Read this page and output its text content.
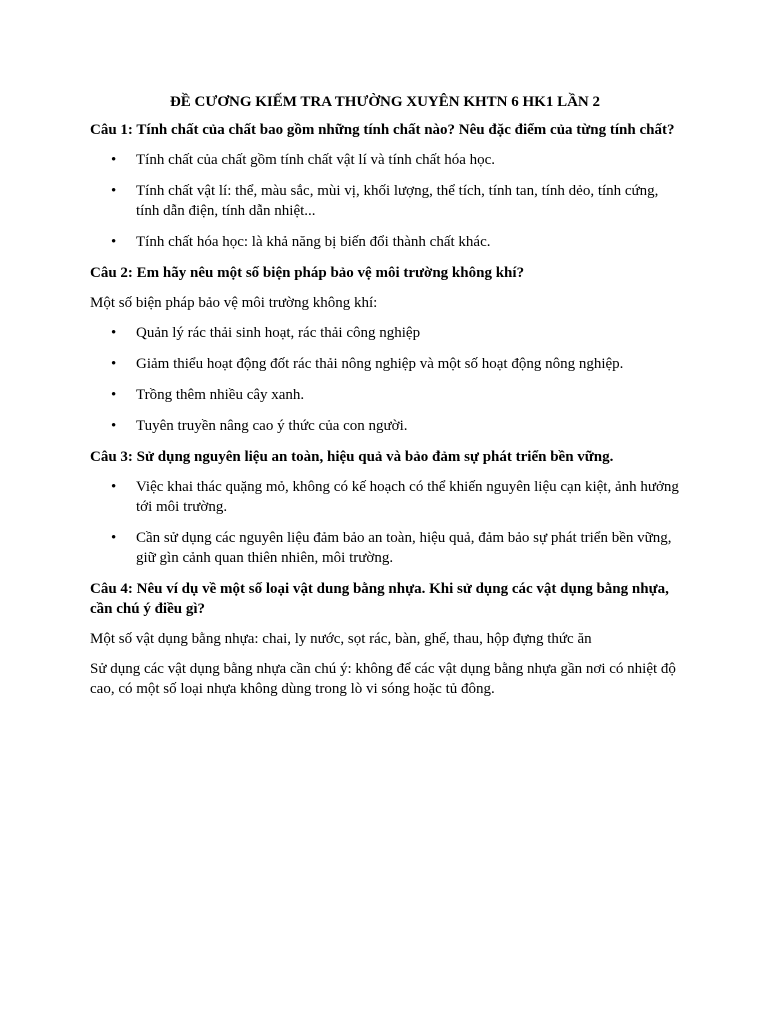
ĐỀ CƯƠNG KIẾM TRA THƯỜNG XUYÊN KHTN 6 HK1 LẦN 2
Câu 1: Tính chất của chất bao gồm những tính chất nào? Nêu đặc điểm của từng tính chất?
• Tính chất của chất gồm tính chất vật lí và tính chất hóa học.
• Tính chất vật lí: thể, màu sắc, mùi vị, khối lượng, thể tích, tính tan, tính dẻo, tính cứng, tính dẫn điện, tính dẫn nhiệt...
• Tính chất hóa học: là khả năng bị biến đổi thành chất khác.
Câu 2: Em hãy nêu một số biện pháp bảo vệ môi trường không khí?
Một số biện pháp bảo vệ môi trường không khí:
• Quản lý rác thải sinh hoạt, rác thải công nghiệp
• Giảm thiểu hoạt động đốt rác thải nông nghiệp và một số hoạt động nông nghiệp.
• Trồng thêm nhiều cây xanh.
• Tuyên truyền nâng cao ý thức của con người.
Câu 3: Sử dụng nguyên liệu an toàn, hiệu quả và bảo đảm sự phát triển bền vững.
• Việc khai thác quặng mỏ, không có kế hoạch có thể khiến nguyên liệu cạn kiệt, ảnh hưởng tới môi trường.
• Cần sử dụng các nguyên liệu đảm bảo an toàn, hiệu quả, đảm bảo sự phát triển bền vững, giữ gìn cảnh quan thiên nhiên, môi trường.
Câu 4: Nêu ví dụ về một số loại vật dung bằng nhựa. Khi sử dụng các vật dụng bằng nhựa, cần chú ý điều gì?
Một số vật dụng bằng nhựa: chai, ly nước, sọt rác, bàn, ghế, thau, hộp đựng thức ăn
Sử dụng các vật dụng bằng nhựa cần chú ý: không để các vật dụng bằng nhựa gần nơi có nhiệt độ cao, có một số loại nhựa không dùng trong lò vi sóng hoặc tủ đông.
